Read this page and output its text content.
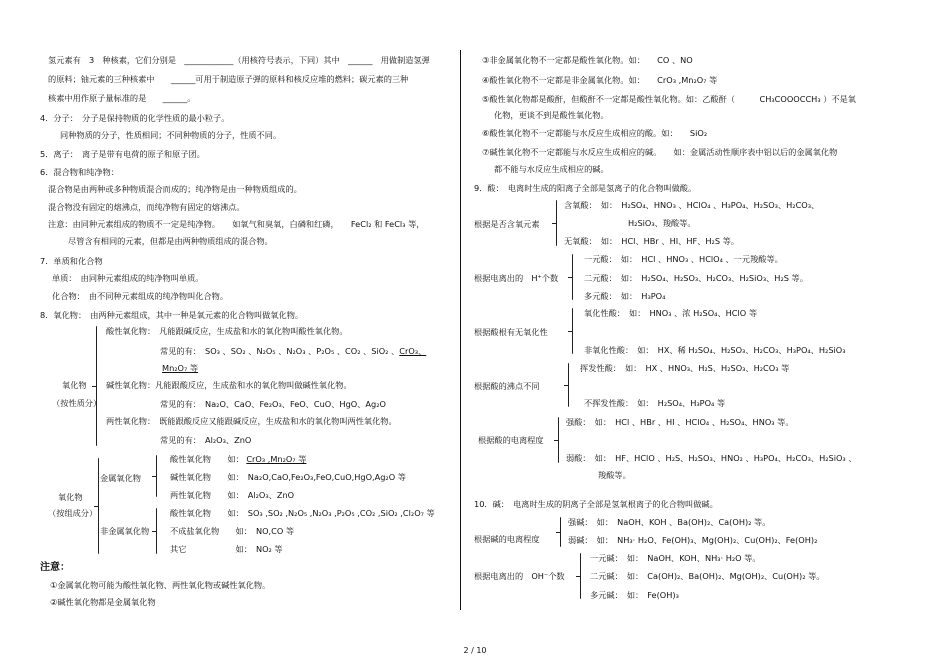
氢元素有　3　种核素，它们分别是　____________（用核符号表示，下同）其中　______　用做制造氢弹
的原料；铀元素的三种核素中　　______可用于制造原子弹的原料和核反应堆的燃料；碳元素的三种
核素中用作原子量标准的是　　______。
4．分子：　分子是保持物质的化学性质的最小粒子。
同种物质的分子，性质相同；不同种物质的分子，性质不同。
5．离子：　离子是带有电荷的原子和原子团。
6．混合物和纯净物：
混合物是由两种或多种物质混合而成的；纯净物是由一种物质组成的。
混合物没有固定的熔沸点，而纯净物有固定的熔沸点。
注意：由同种元素组成的物质不一定是纯净物。　　如氧气和臭氧，白磷和红磷，　　FeCl₂ 和 FeCl₃ 等，
尽管含有相同的元素，但都是由两种物质组成的混合物。
7．单质和化合物
单质：　由同种元素组成的纯净物叫单质。
化合物：　由不同种元素组成的纯净物叫化合物。
8．氧化物：　由两种元素组成，其中一种是氧元素的化合物叫做氧化物。
氧化物
（按性质分）
酸性氧化物：　凡能跟碱反应，生成盐和水的氧化物叫酸性氧化物。
常见的有：　SO₃ 、SO₂ 、N₂O₅ 、N₂O₃ 、P₂O₅ 、CO₂ 、SiO₂ 、CrO₃、
Mn₂O₇ 等
碱性氧化物：凡能跟酸反应，生成盐和水的氧化物叫做碱性氧化物。
常见的有：　Na₂O、CaO、Fe₂O₃、FeO、CuO、HgO、Ag₂O
两性氧化物：　既能跟酸反应又能跟碱反应，生成盐和水的氧化物叫两性氧化物。
常见的有：　Al₂O₃、ZnO
氧化物
（按组成分）
金属氧化物
酸性氧化物　　如： CrO₃ ,Mn₂O₇ 等
碱性氧化物　　如：　Na₂O,CaO,Fe₂O₃,FeO,CuO,HgO,Ag₂O 等
两性氧化物　　如：　Al₂O₃、ZnO
非金属氧化物
酸性氧化物　　如：　SO₃ ,SO₂ ,N₂O₅ ,N₂O₃ ,P₂O₅ ,CO₂ ,SiO₂ ,Cl₂O₇ 等
不成盐氧化物　　如：　NO,CO 等
其它　　　　　　如：　NO₂ 等
注意：
①金属氧化物可能为酸性氧化物、两性氧化物或碱性氧化物。
②碱性氧化物都是金属氧化物
③非金属氧化物不一定都是酸性氧化物。如：　　CO 、NO
④酸性氧化物不一定都是非金属氧化物。如：　　CrO₃ ,Mn₂O₇ 等
⑤酸性氧化物都是酸酐，但酸酐不一定都是酸性氧化物。如：乙酸酐（　　　CH₃COOOCCH₃ ）不是氧
化物，更谈不到是酸性氧化物。
⑥酸性氧化物不一定都能与水反应生成相应的酸。如：　　SiO₂
⑦碱性氧化物不一定都能与水反应生成相应的碱。　　如：金属活动性顺序表中铝以后的金属氧化物
都不能与水反应生成相应的碱。
9．酸：　电离时生成的阳离子全部是氢离子的化合物叫做酸。
根据是否含氧元素
含氧酸：　如：　H₂SO₄、HNO₃ 、HClO₄ 、H₃PO₄、H₂SO₃、H₂CO₃、
H₂SiO₃、羧酸等。
无氧酸：　如：　HCl、HBr 、HI、HF、H₂S 等。
根据电离出的　H⁺个数
一元酸：　如：　HCl 、HNO₃ 、HClO₄ 、一元羧酸等。
二元酸：　如：　H₂SO₄、H₂SO₃、H₂CO₃、H₂SiO₃、H₂S 等。
多元酸：　如：　H₃PO₄
根据酸根有无氧化性
氧化性酸：　如：　HNO₃ 、浓 H₂SO₄、HClO 等
非氧化性酸：　如：　HX、稀 H₂SO₄、H₂SO₃、H₂CO₃、H₃PO₄、H₂SiO₃
根据酸的沸点不同
挥发性酸：　如：　HX 、HNO₃、H₂S、H₂SO₃、H₂CO₃ 等
不挥发性酸：　如：　H₂SO₄、H₃PO₄ 等
根据酸的电离程度
强酸：　如：　HCl 、HBr 、HI 、HClO₄ 、H₂SO₄、HNO₃ 等。
弱酸：　如：　HF、HClO 、H₂S、H₂SO₃、HNO₂ 、H₃PO₄、H₂CO₃、H₂SiO₃ 、
羧酸等。
10．碱：　电离时生成的阴离子全部是氢氧根离子的化合物叫做碱。
根据碱的电离程度
强碱：　如：　NaOH、KOH 、Ba(OH)₂、Ca(OH)₂ 等。
弱碱：　如：　NH₃· H₂O、Fe(OH)₃、Mg(OH)₂、Cu(OH)₂、Fe(OH)₂
根据电离出的　OH⁻个数
一元碱：　如：　NaOH、KOH、NH₃· H₂O 等。
二元碱：　如：　Ca(OH)₂、Ba(OH)₂、Mg(OH)₂、Cu(OH)₂ 等。
多元碱：　如：　Fe(OH)₃
2 / 10
